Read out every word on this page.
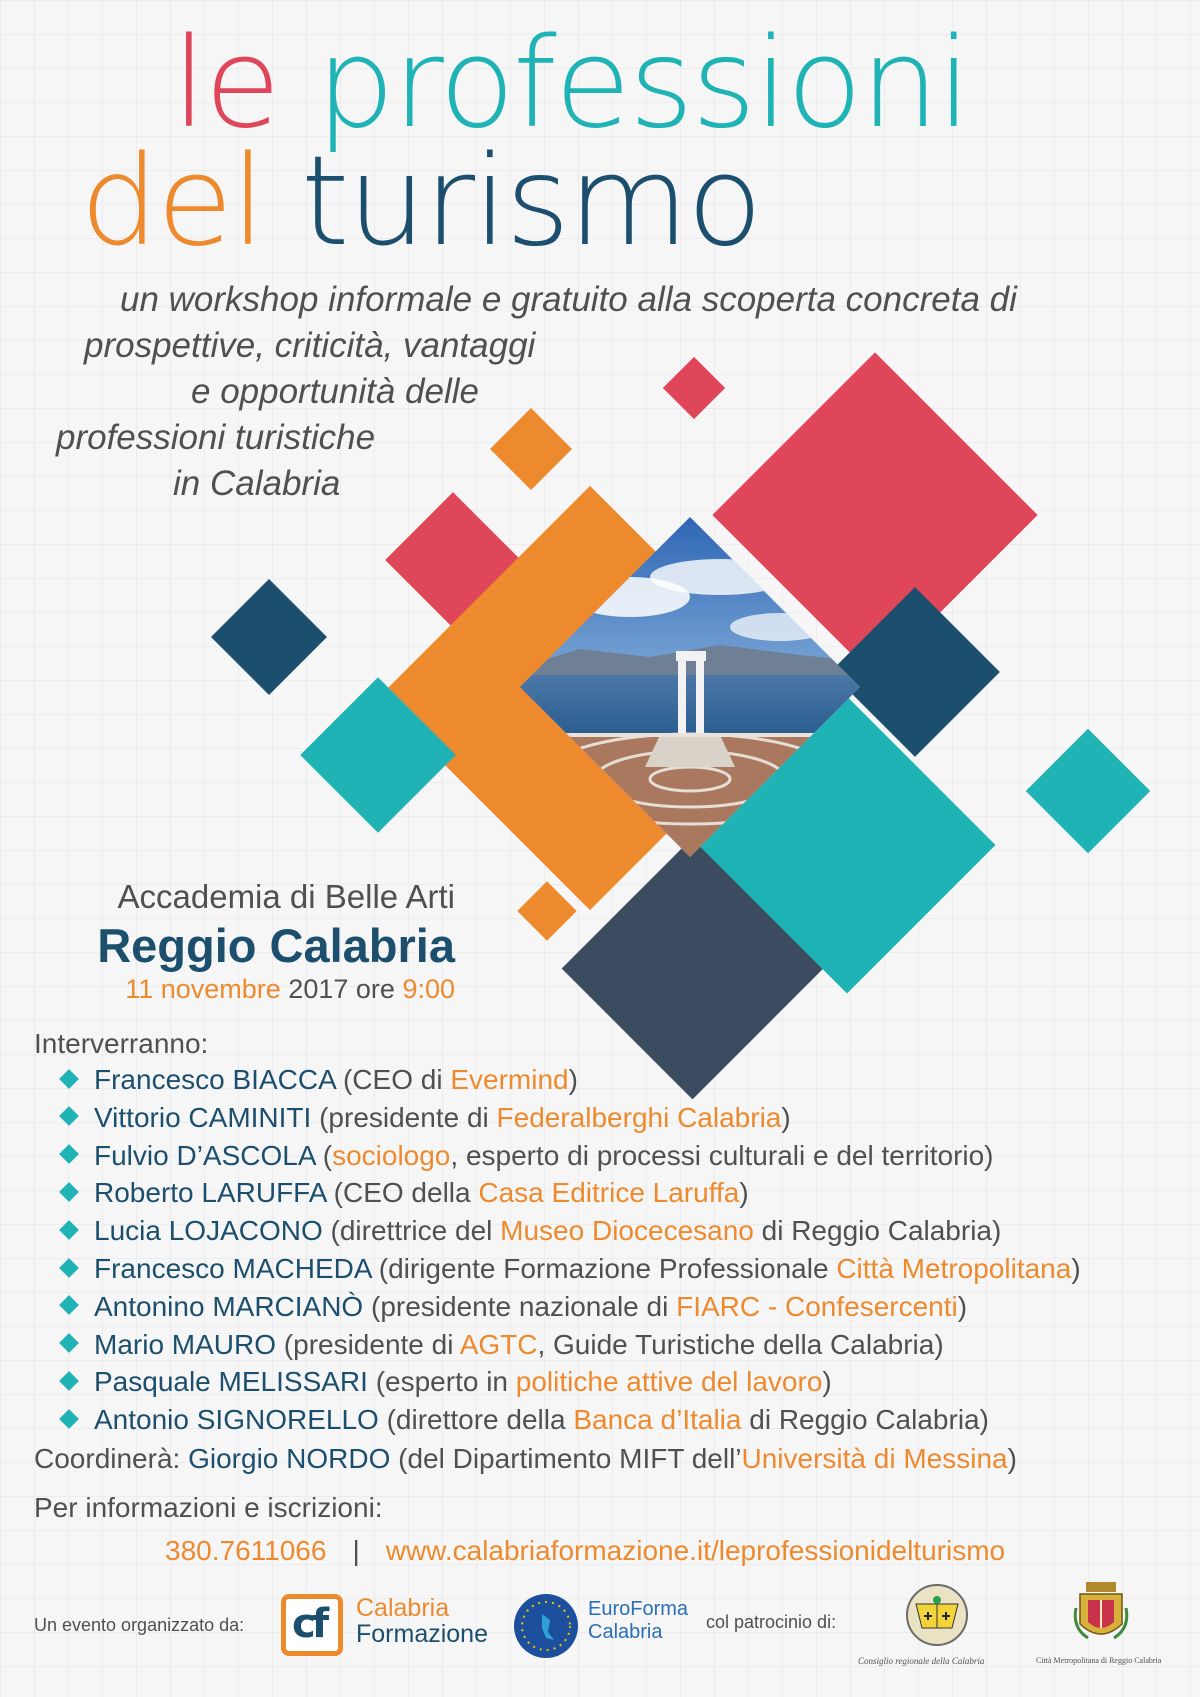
le professioni
del turismo
un workshop informale e gratuito alla scoperta concreta di
prospettive, criticità, vantaggi
e opportunità delle
professioni turistiche
in Calabria
Accademia di Belle Arti
Reggio Calabria
11 novembre 2017 ore 9:00
Interverranno:
Francesco BIACCA (CEO di Evermind)
Vittorio CAMINITI (presidente di Federalberghi Calabria)
Fulvio D’ASCOLA (sociologo, esperto di processi culturali e del territorio)
Roberto LARUFFA (CEO della Casa Editrice Laruffa)
Lucia LOJACONO (direttrice del Museo Diocecesano di Reggio Calabria)
Francesco MACHEDA (dirigente Formazione Professionale Città Metropolitana)
Antonino MARCIANÒ (presidente nazionale di FIARC - Confesercenti)
Mario MAURO (presidente di AGTC, Guide Turistiche della Calabria)
Pasquale MELISSARI (esperto in politiche attive del lavoro)
Antonio SIGNORELLO (direttore della Banca d’Italia di Reggio Calabria)
Coordinerà: Giorgio NORDO (del Dipartimento MIFT dell’Università di Messina)
Per informazioni e iscrizioni:
380.7611066 | www.calabriaformazione.it/leprofessionidelturismo
Un evento organizzato da: cf Calabria
Formazione
EuroForma
Calabria col patrocinio di:
Consiglio regionale della Calabria	Città Metropolitana di Reggio Calabria
